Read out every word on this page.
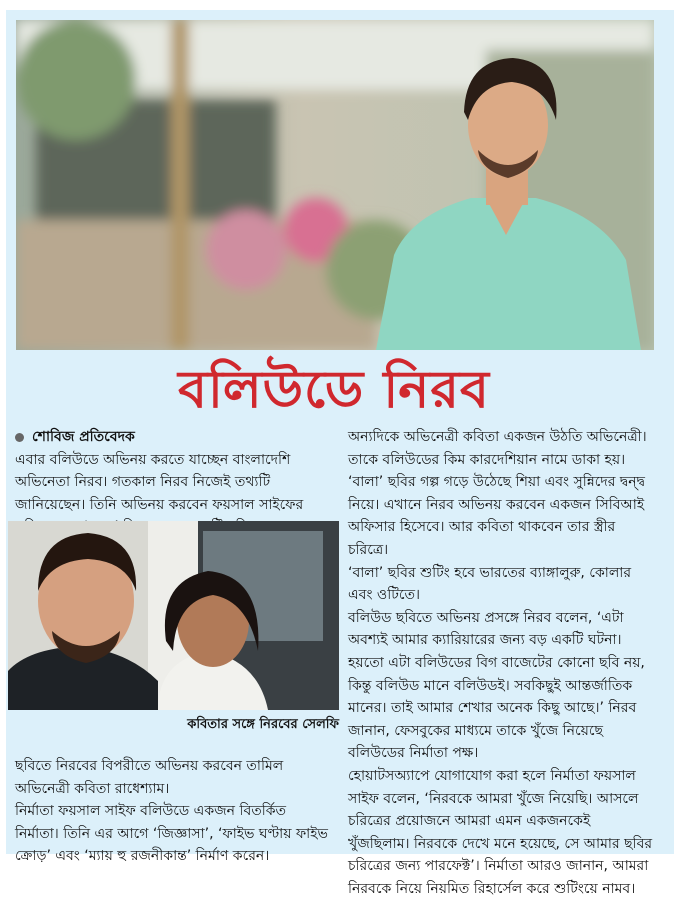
বলিউডে নিরব
শোবিজ প্রতিবেদক

এবার বলিউডে অভিনয় করতে যাচ্ছেন বাংলাদেশি অভিনেতা নিরব। গতকাল নিরব নিজেই তথ্যটি জানিয়েছেন। তিনি অভিনয় করবেন ফয়সাল সাইফের

কবিতার সঙ্গে নিরবের সেলফি

ছবিতে নিরবের বিপরীতে অভিনয় করবেন তামিল অভিনেত্রী কবিতা রাধেশ্যাম।

নির্মাতা ফয়সাল সাইফ বলিউডে একজন বিতর্কিত নির্মাতা। তিনি এর আগে ‘জিজ্ঞাসা’, ‘ফাইভ ঘণ্টায় ফাইভ ক্রোড়’ এবং ‘ম্যায় হু রজনীকান্ত’ নির্মাণ করেন।

অন্যদিকে অভিনেত্রী কবিতা একজন উঠতি অভিনেত্রী। তাকে বলিউডের কিম কারদেশিয়ান নামে ডাকা হয়। ‘বালা’ ছবির গল্প গড়ে উঠেছে শিয়া এবং সুন্নিদের দ্বন্দ্ব নিয়ে। এখানে নিরব অভিনয় করবেন একজন সিবিআই অফিসার হিসেবে। আর কবিতা থাকবেন তার স্ত্রীর চরিত্রে।

‘বালা’ ছবির শুটিং হবে ভারতের ব্যাঙ্গালুরু, কোলার এবং ওটিতে।

বলিউড ছবিতে অভিনয় প্রসঙ্গে নিরব বলেন, ‘এটা অবশ্যই আমার ক্যারিয়ারের জন্য বড় একটি ঘটনা। হয়তো এটা বলিউডের বিগ বাজেটের কোনো ছবি নয়, কিন্তু বলিউড মানে বলিউডই। সবকিছুই আন্তর্জাতিক মানের। তাই আমার শেখার অনেক কিছু আছে।’ নিরব জানান, ফেসবুকের মাধ্যমে তাকে খুঁজে নিয়েছে বলিউডের নির্মাতা পক্ষ।

হোয়াটসঅ্যাপে যোগাযোগ করা হলে নির্মাতা ফয়সাল সাইফ বলেন, ‘নিরবকে আমরা খুঁজে নিয়েছি। আসলে চরিত্রের প্রয়োজনে আমরা এমন একজনকেই খুঁজছিলাম। নিরবকে দেখে মনে হয়েছে, সে আমার ছবির চরিত্রের জন্য পারফেক্ট’। নির্মাতা আরও জানান, আমরা নিরবকে নিয়ে নিয়মিত রিহার্সেল করে শুটিংয়ে নামব।
